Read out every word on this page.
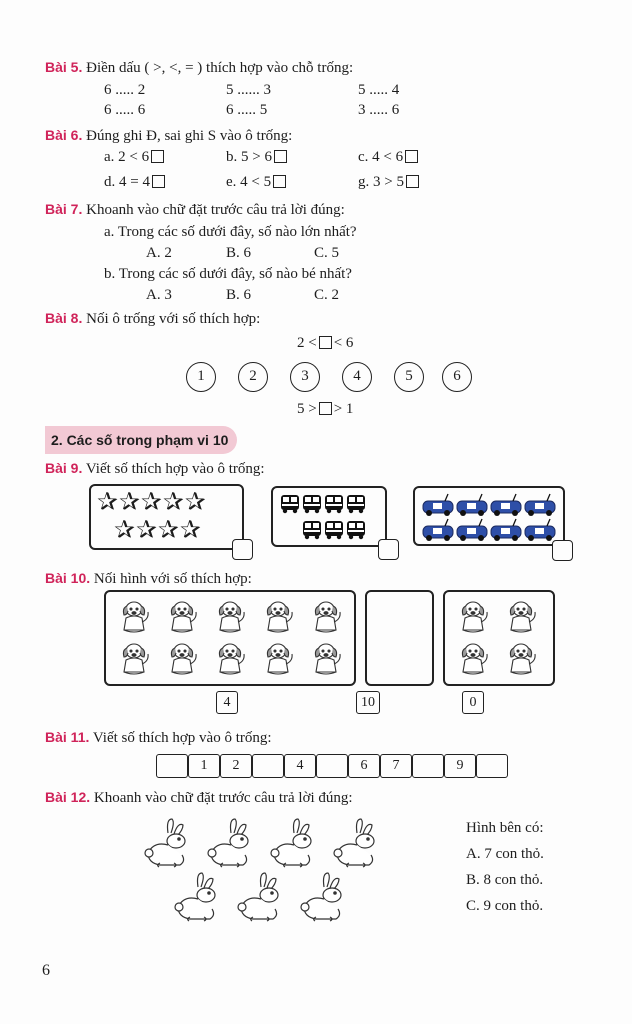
Bài 5. Điền dấu ( >, <, = ) thích hợp vào chỗ trống:
6 ..... 2	5 ...... 3	5 ..... 4
6 ..... 6	6 ..... 5	3 ..... 6
Bài 6. Đúng ghi Đ, sai ghi S vào ô trống:
a. 2 < 6	b. 5 > 6	c. 4 < 6
d. 4 = 4	e. 4 < 5	g. 3 > 5
Bài 7. Khoanh vào chữ đặt trước câu trả lời đúng:
a. Trong các số dưới đây, số nào lớn nhất?
A. 2	B. 6	C. 5
b. Trong các số dưới đây, số nào bé nhất?
A. 3	B. 6	C. 2
Bài 8. Nối ô trống với số thích hợp:
2 < < 6
1	2	3	4	5	6
5 > > 1
2. Các số trong phạm vi 10
Bài 9. Viết số thích hợp vào ô trống:
✰✰✰✰✰
✰✰✰✰
Bài 10. Nối hình với số thích hợp:
4	10	0
Bài 11. Viết số thích hợp vào ô trống:
1	2	4	6	7	9
Bài 12. Khoanh vào chữ đặt trước câu trả lời đúng:
Hình bên có:
A. 7 con thỏ.
B. 8 con thỏ.
C. 9 con thỏ.
6
